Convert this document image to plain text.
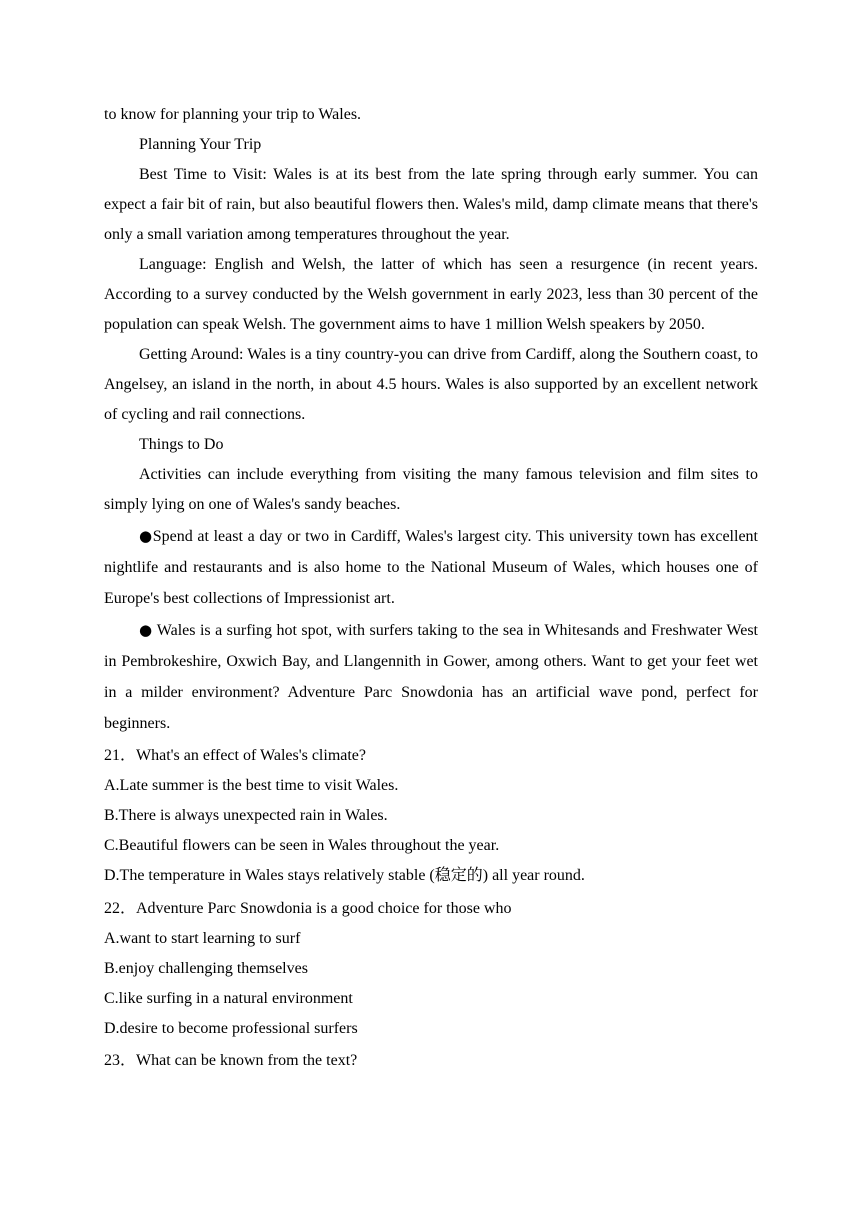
to know for planning your trip to Wales.

Planning Your Trip

Best Time to Visit: Wales is at its best from the late spring through early summer. You can expect a fair bit of rain, but also beautiful flowers then. Wales's mild, damp climate means that there's only a small variation among temperatures throughout the year.

Language: English and Welsh, the latter of which has seen a resurgence (in recent years. According to a survey conducted by the Welsh government in early 2023, less than 30 percent of the population can speak Welsh. The government aims to have 1 million Welsh speakers by 2050.

Getting Around: Wales is a tiny country-you can drive from Cardiff, along the Southern coast, to Angelsey, an island in the north, in about 4.5 hours. Wales is also supported by an excellent network of cycling and rail connections.

Things to Do

Activities can include everything from visiting the many famous television and film sites to simply lying on one of Wales's sandy beaches.

●Spend at least a day or two in Cardiff, Wales's largest city. This university town has excellent nightlife and restaurants and is also home to the National Museum of Wales, which houses one of Europe's best collections of Impressionist art.

● Wales is a surfing hot spot, with surfers taking to the sea in Whitesands and Freshwater West in Pembrokeshire, Oxwich Bay, and Llangennith in Gower, among others. Want to get your feet wet in a milder environment? Adventure Parc Snowdonia has an artificial wave pond, perfect for beginners.

21．What's an effect of Wales's climate?

A.Late summer is the best time to visit Wales.

B.There is always unexpected rain in Wales.

C.Beautiful flowers can be seen in Wales throughout the year.

D.The temperature in Wales stays relatively stable (稳定的) all year round.

22．Adventure Parc Snowdonia is a good choice for those who

A.want to start learning to surf

B.enjoy challenging themselves

C.like surfing in a natural environment

D.desire to become professional surfers

23．What can be known from the text?
